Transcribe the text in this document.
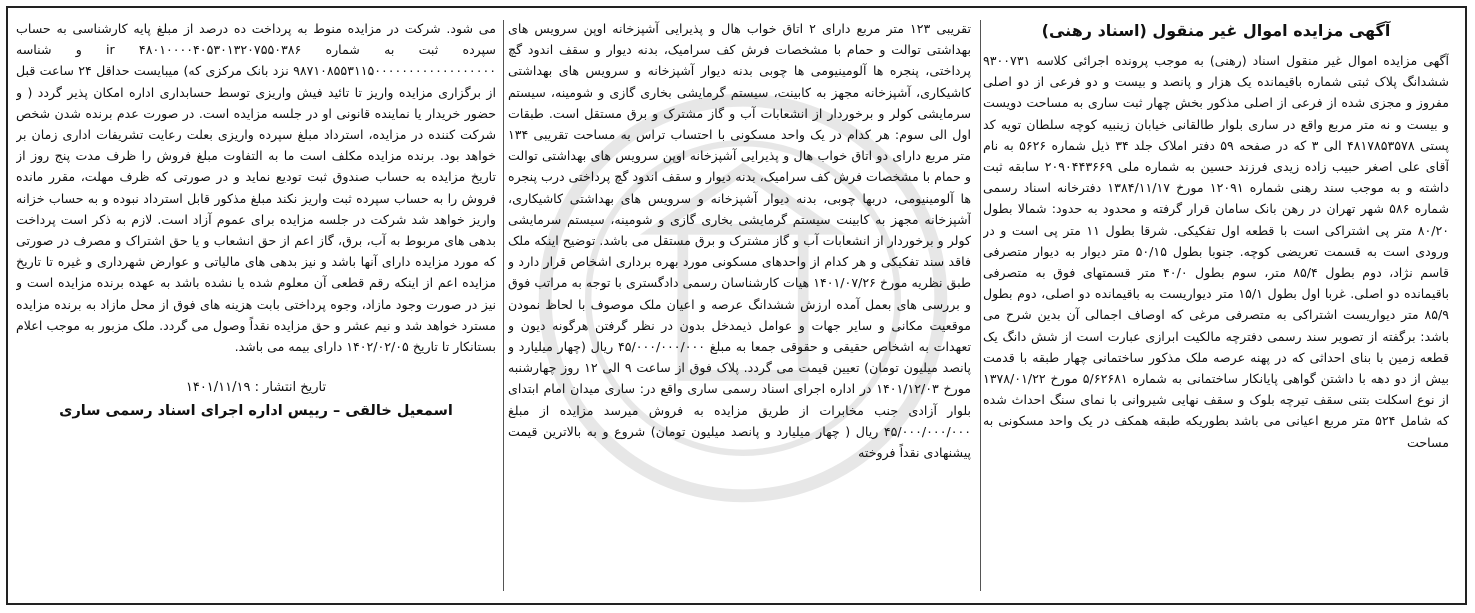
آگهی مزایده اموال غیر منقول (اسناد رهنی)

آگهی مزایده اموال غیر منقول اسناد (رهنی) به موجب پرونده اجرائی کلاسه ۹۳۰۰۷۳۱ ششدانگ پلاک ثبتی شماره باقیمانده یک هزار و پانصد و بیست و دو فرعی از دو اصلی مفروز و مجزی شده از فرعی از اصلی مذکور بخش چهار ثبت ساری به مساحت دویست و بیست و نه متر مربع واقع در ساری بلوار طالقانی خیابان زینبیه کوچه سلطان تویه کد پستی ۴۸۱۷۸۵۳۵۷۸ الی ۳ که در صفحه ۵۹ دفتر املاک جلد ۳۴ ذیل شماره ۵۶۲۶ به نام آقای علی اصغر حبیب زاده زیدی فرزند حسین به شماره ملی ۲۰۹۰۴۴۳۶۶۹ سابقه ثبت داشته و به موجب سند رهنی شماره ۱۲۰۹۱ مورخ ۱۳۸۴/۱۱/۱۷ دفترخانه اسناد رسمی شماره ۵۸۶ شهر تهران در رهن بانک سامان قرار گرفته و محدود به حدود: شمالا بطول ۸۰/۲۰ متر پی اشتراکی است با قطعه اول تفکیکی. شرقا بطول ۱۱ متر پی است و در ورودی است به قسمت تعریضی کوچه. جنوبا بطول ۵۰/۱۵ متر دیوار به دیوار متصرفی قاسم نژاد، دوم بطول ۸۵/۴ متر، سوم بطول ۴۰/۰ متر قسمتهای فوق به متصرفی باقیمانده دو اصلی. غربا اول بطول ۱۵/۱ متر دیواریست به باقیمانده دو اصلی، دوم بطول ۸۵/۹ متر دیواریست اشتراکی به متصرفی مرغی که اوصاف اجمالی آن بدین شرح می باشد: برگفته از تصویر سند رسمی دفترچه مالکیت ابرازی عبارت است از شش دانگ یک قطعه زمین با بنای احداثی که در پهنه عرصه ملک مذکور ساختمانی چهار طبقه با قدمت بیش از دو دهه با داشتن گواهی پایانکار ساختمانی به شماره ۵/۶۲۶۸۱ مورخ ۱۳۷۸/۰۱/۲۲ از نوع اسکلت بتنی سقف تیرچه بلوک و سقف نهایی شیروانی با نمای سنگ احداث شده که شامل ۵۲۴ متر مربع اعیانی می باشد بطوریکه طبقه همکف در یک واحد مسکونی به مساحت

تقریبی ۱۲۳ متر مربع دارای ۲ اتاق خواب هال و پذیرایی آشپزخانه اوپن سرویس های بهداشتی توالت و حمام با مشخصات فرش کف سرامیک، بدنه دیوار و سقف اندود گچ پرداختی، پنجره ها آلومینیومی ها چوبی بدنه دیوار آشپزخانه و سرویس های بهداشتی کاشیکاری، آشپزخانه مجهز به کابینت، سیستم گرمایشی بخاری گازی و شومینه، سیستم سرمایشی کولر و برخوردار از انشعابات آب و گاز مشترک و برق مستقل است. طبقات اول الی سوم: هر کدام در یک واحد مسکونی با احتساب تراس به مساحت تقریبی ۱۳۴ متر مربع دارای دو اتاق خواب هال و پذیرایی آشپزخانه اوپن سرویس های بهداشتی توالت و حمام با مشخصات فرش کف سرامیک، بدنه دیوار و سقف اندود گچ پرداختی درب پنجره ها آلومینیومی، دربها چوبی، بدنه دیوار آشپزخانه و سرویس های بهداشتی کاشیکاری، آشپزخانه مجهز به کابینت سیستم گرمایشی بخاری گازی و شومینه، سیستم سرمایشی کولر و برخوردار از انشعابات آب و گاز مشترک و برق مستقل می باشد. توضیح اینکه ملک فاقد سند تفکیکی و هر کدام از واحدهای مسکونی مورد بهره برداری اشخاص قرار دارد و طبق نظریه مورخ ۱۴۰۱/۰۷/۲۶ هیات کارشناسان رسمی دادگستری با توجه به مراتب فوق و بررسی های بعمل آمده ارزش ششدانگ عرصه و اعیان ملک موصوف با لحاظ نمودن موقعیت مکانی و سایر جهات و عوامل ذیمدخل بدون در نظر گرفتن هرگونه دیون و تعهدات به اشخاص حقیقی و حقوقی جمعا به مبلغ ۴۵/۰۰۰/۰۰۰/۰۰۰ ریال (چهار میلیارد و پانصد میلیون تومان) تعیین قیمت می گردد. پلاک فوق از ساعت ۹ الی ۱۲ روز چهارشنبه مورخ ۱۴۰۱/۱۲/۰۳ در اداره اجرای اسناد رسمی ساری واقع در: ساری میدان امام ابتدای بلوار آزادی جنب مخابرات از طریق مزایده به فروش میرسد مزایده از مبلغ ۴۵/۰۰۰/۰۰۰/۰۰۰ ریال ( چهار میلیارد و پانصد میلیون تومان) شروع و به بالاترین قیمت پیشنهادی نقداً فروخته

می شود. شرکت در مزایده منوط به پرداخت ده درصد از مبلغ پایه کارشناسی به حساب سپرده ثبت به شماره ir ۴۸۰۱۰۰۰۰۴۰۵۳۰۱۳۲۰۷۵۵۰۳۸۶ و شناسه ۹۸۷۱۰۸۵۵۳۱۱۵۰۰۰۰۰۰۰۰۰۰۰۰۰۰۰۰۰۰ نزد بانک مرکزی که) میبایست حداقل ۲۴ ساعت قبل از برگزاری مزایده واریز تا تائید فیش واریزی توسط حسابداری اداره امکان پذیر گردد ( و حضور خریدار یا نماینده قانونی او در جلسه مزایده است. در صورت عدم برنده شدن شخص شرکت کننده در مزایده، استرداد مبلغ سپرده واریزی بعلت رعایت تشریفات اداری زمان بر خواهد بود. برنده مزایده مکلف است ما به التفاوت مبلغ فروش را ظرف مدت پنج روز از تاریخ مزایده به حساب صندوق ثبت تودیع نماید و در صورتی که ظرف مهلت، مقرر مانده فروش را به حساب سپرده ثبت واریز نکند مبلغ مذکور قابل استرداد نبوده و به حساب خزانه واریز خواهد شد شرکت در جلسه مزایده برای عموم آزاد است. لازم به ذکر است پرداخت بدهی های مربوط به آب، برق، گاز اعم از حق انشعاب و یا حق اشتراک و مصرف در صورتی که مورد مزایده دارای آنها باشد و نیز بدهی های مالیاتی و عوارض شهرداری و غیره تا تاریخ مزایده اعم از اینکه رقم قطعی آن معلوم شده یا نشده باشد به عهده برنده مزایده است و نیز در صورت وجود مازاد، وجوه پرداختی بابت هزینه های فوق از محل مازاد به برنده مزایده مسترد خواهد شد و نیم عشر و حق مزایده نقداً وصول می گردد. ملک مزبور به موجب اعلام بستانکار تا تاریخ ۱۴۰۲/۰۲/۰۵ دارای بیمه می باشد.

تاریخ انتشار : ۱۴۰۱/۱۱/۱۹
اسمعیل خالقی – رییس اداره اجرای اسناد رسمی ساری
